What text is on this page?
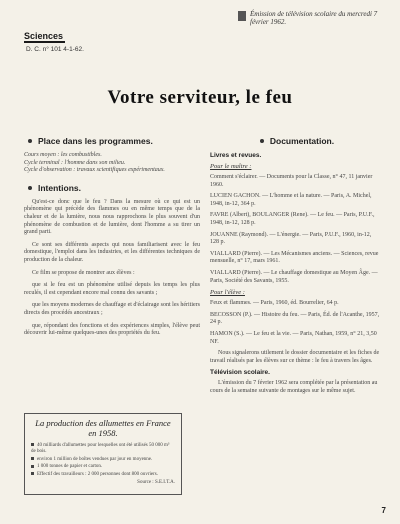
Sciences
D. C. n° 101 4-1-62.
Émission de télévision scolaire du mercredi 7 février 1962.
Votre serviteur, le feu
Place dans les programmes.

Cours moyen : les combustibles.

Cycle terminal : l'homme dans son milieu.

Cycle d'observation : travaux scientifiques expérimentaux.

Intentions.

Qu'est-ce donc que le feu ? Dans la mesure où ce qui est un phénomène qui précède des flammes ou en même temps que de la chaleur et de la lumière, nous nous rapprochons le plus souvent d'un phénomène de combustion et de lumière, dont l'homme a su tirer un grand parti.

Ce sont ses différents aspects qui nous familiarisent avec le feu domestique, l'emploi dans les industries, et les différentes techniques de production de la chaleur.

Ce film se propose de montrer aux élèves :

que si le feu est un phénomène utilisé depuis les temps les plus reculés, il est cependant encore mal connu des savants ;

que les moyens modernes de chauffage et d'éclairage sont les héritiers directs des procédés ancestraux ;

que, répondant des fonctions et des expériences simples, l'élève peut découvrir lui-même quelques-unes des propriétés du feu.

La production des allumettes en France en 1958.

40 milliards d'allumettes pour lesquelles ont été utilisés 50 000 m³ de bois.

environ 1 million de boîtes vendues par jour en moyenne.

1 000 tonnes de papier et carton.

Effectif des travailleurs : 2 000 personnes dont 800 ouvriers.

Source : S.E.I.T.A.
Documentation.
Livres et revues.
Pour le maître :

Comment s'éclairer. — Documents pour la Classe, n° 47, 11 janvier 1960.

LUCIEN GACHON. — L'homme et la nature. — Paris, A. Michel, 1948, in-12, 364 p.

FAVRE (Albert), BOULANGER (Rene). — Le feu. — Paris, P.U.F., 1948, in-12, 128 p.

JOUANNE (Raymond). — L'énergie. — Paris, P.U.F., 1960, in-12, 128 p.

VIALLARD (Pierre). — Les Mécanismes anciens. — Sciences, revue mensuelle, n° 17, mars 1961.

VIALLARD (Pierre). — Le chauffage domestique au Moyen Âge. — Paris, Société des Savants, 1955.

Pour l'élève :

Feux et flammes. — Paris, 1960, éd. Bourrelier, 64 p.

BECOSSON (P.). — Histoire du feu. — Paris, Éd. de l'Acanthe, 1957, 24 p.

HAMON (S.). — Le feu et la vie. — Paris, Nathan, 1959, n° 21, 3,50 NF.

Nous signalerons utilement le dossier documentaire et les fiches de travail réalisés par les élèves sur ce thème : le feu à travers les âges.

Télévision scolaire.

L'émission du 7 février 1962 sera complétée par la présentation au cours de la semaine suivante de montages sur le même sujet.

7
